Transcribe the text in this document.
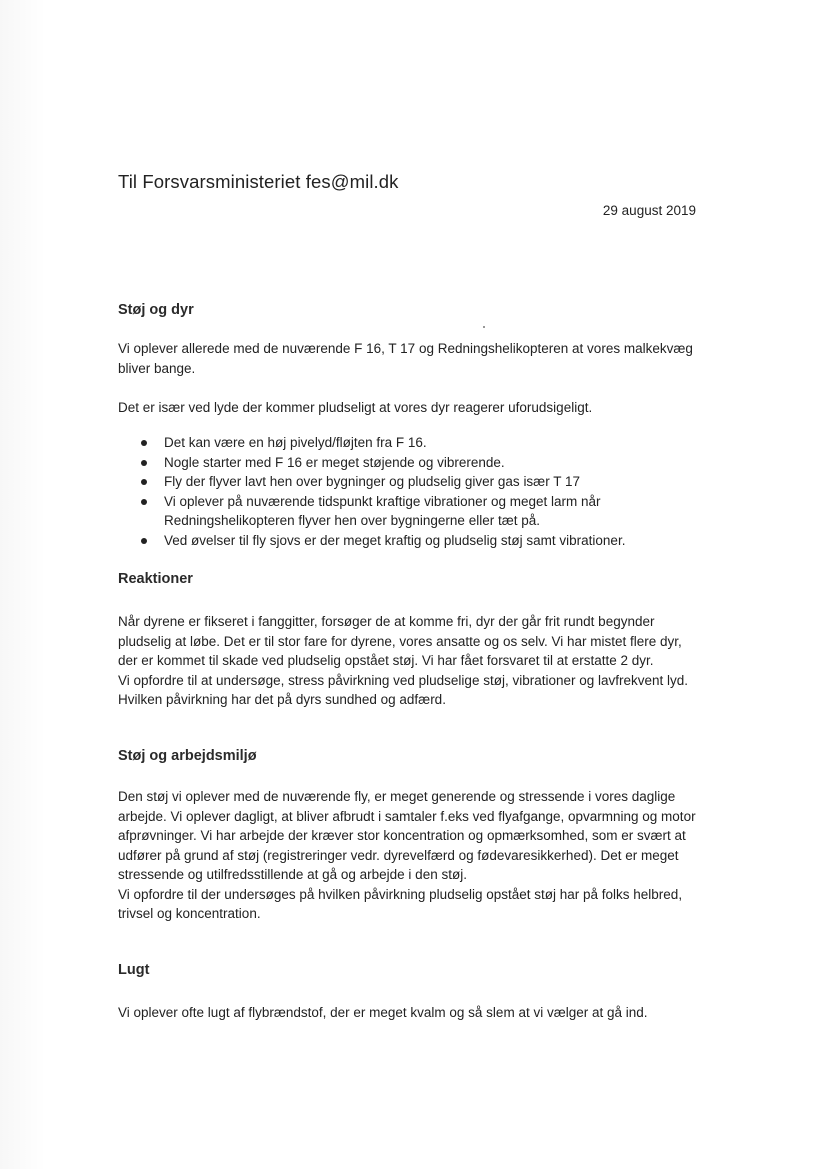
Til Forsvarsministeriet fes@mil.dk
29 august 2019
Støj og dyr

Vi oplever allerede med de nuværende F 16, T 17 og Redningshelikopteren at vores malkekvæg bliver bange.

Det er især ved lyde der kommer pludseligt at vores dyr reagerer uforudsigeligt.

Det kan være en høj pivelyd/fløjten fra F 16.
Nogle starter med F 16 er meget støjende og vibrerende.
Fly der flyver lavt hen over bygninger og pludselig giver gas især T 17
Vi oplever på nuværende tidspunkt kraftige vibrationer og meget larm når Redningshelikopteren flyver hen over bygningerne eller tæt på.
Ved øvelser til fly sjovs er der meget kraftig og pludselig støj samt vibrationer.
Reaktioner

Når dyrene er fikseret i fanggitter, forsøger de at komme fri, dyr der går frit rundt begynder pludselig at løbe. Det er til stor fare for dyrene, vores ansatte og os selv. Vi har mistet flere dyr, der er kommet til skade ved pludselig opstået støj. Vi har fået forsvaret til at erstatte 2 dyr.

Vi opfordre til at undersøge, stress påvirkning ved pludselige støj, vibrationer og lavfrekvent lyd. Hvilken påvirkning har det på dyrs sundhed og adfærd.

Støj og arbejdsmiljø

Den støj vi oplever med de nuværende fly, er meget generende og stressende i vores daglige arbejde. Vi oplever dagligt, at bliver afbrudt i samtaler f.eks ved flyafgange, opvarmning og motor afprøvninger. Vi har arbejde der kræver stor koncentration og opmærksomhed, som er svært at udfører på grund af støj (registreringer vedr. dyrevelfærd og fødevaresikkerhed). Det er meget stressende og utilfredsstillende at gå og arbejde i den støj.

Vi opfordre til der undersøges på hvilken påvirkning pludselig opstået støj har på folks helbred, trivsel og koncentration.

Lugt

Vi oplever ofte lugt af flybrændstof, der er meget kvalm og så slem at vi vælger at gå ind.
